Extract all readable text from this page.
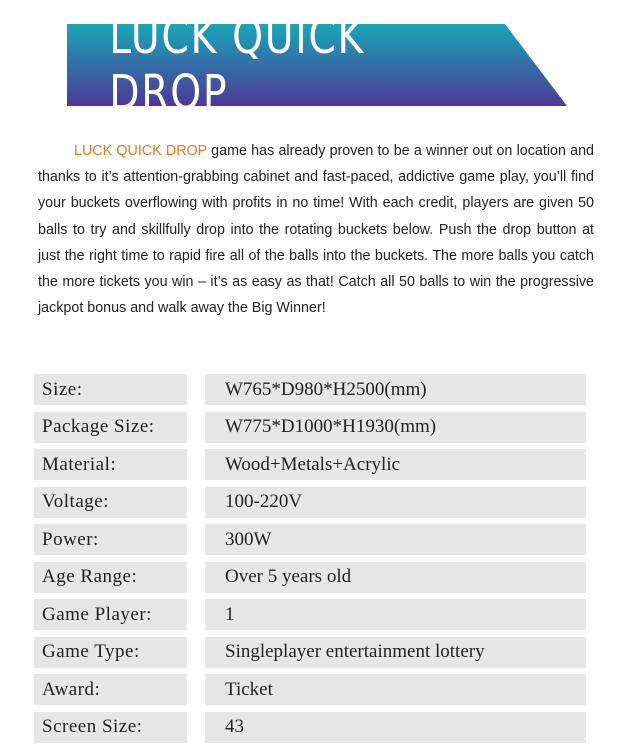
LUCK QUICK DROP

LUCK QUICK DROP game has already proven to be a winner out on location and thanks to it’s attention-grabbing cabinet and fast-paced, addictive game play, you’ll find your buckets overflowing with profits in no time! With each credit, players are given 50 balls to try and skillfully drop into the rotating buckets below. Push the drop button at just the right time to rapid fire all of the balls into the buckets. The more balls you catch the more tickets you win – it’s as easy as that! Catch all 50 balls to win the progressive jackpot bonus and walk away the Big Winner!

Size:	W765*D980*H2500(mm)
Package Size:	W775*D1000*H1930(mm)
Material:	Wood+Metals+Acrylic
Voltage:	100-220V
Power:	300W
Age Range:	Over 5 years old
Game Player:	1
Game Type:	Singleplayer entertainment lottery
Award:	Ticket
Screen Size:	43
